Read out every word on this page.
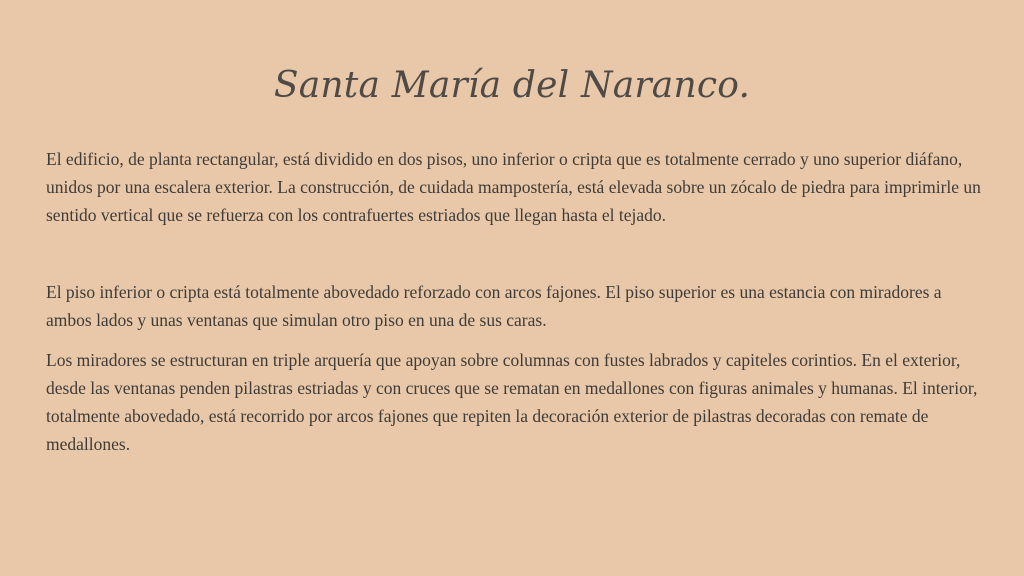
Santa María del Naranco.
El edificio, de planta rectangular, está dividido en dos pisos, uno inferior o cripta que es totalmente cerrado y uno superior diáfano, unidos por una escalera exterior. La construcción, de cuidada mampostería, está elevada sobre un zócalo de piedra para imprimirle un sentido vertical que se refuerza con los contrafuertes estriados que llegan hasta el tejado.
El piso inferior o cripta está totalmente abovedado reforzado con arcos fajones. El piso superior es una estancia con miradores a ambos lados y unas ventanas que simulan otro piso en una de sus caras.
Los miradores se estructuran en triple arquería que apoyan sobre columnas con fustes labrados y capiteles corintios. En el exterior, desde las ventanas penden pilastras estriadas y con cruces que se rematan en medallones con figuras animales y humanas. El interior, totalmente abovedado, está recorrido por arcos fajones que repiten la decoración exterior de pilastras decoradas con remate de medallones.
